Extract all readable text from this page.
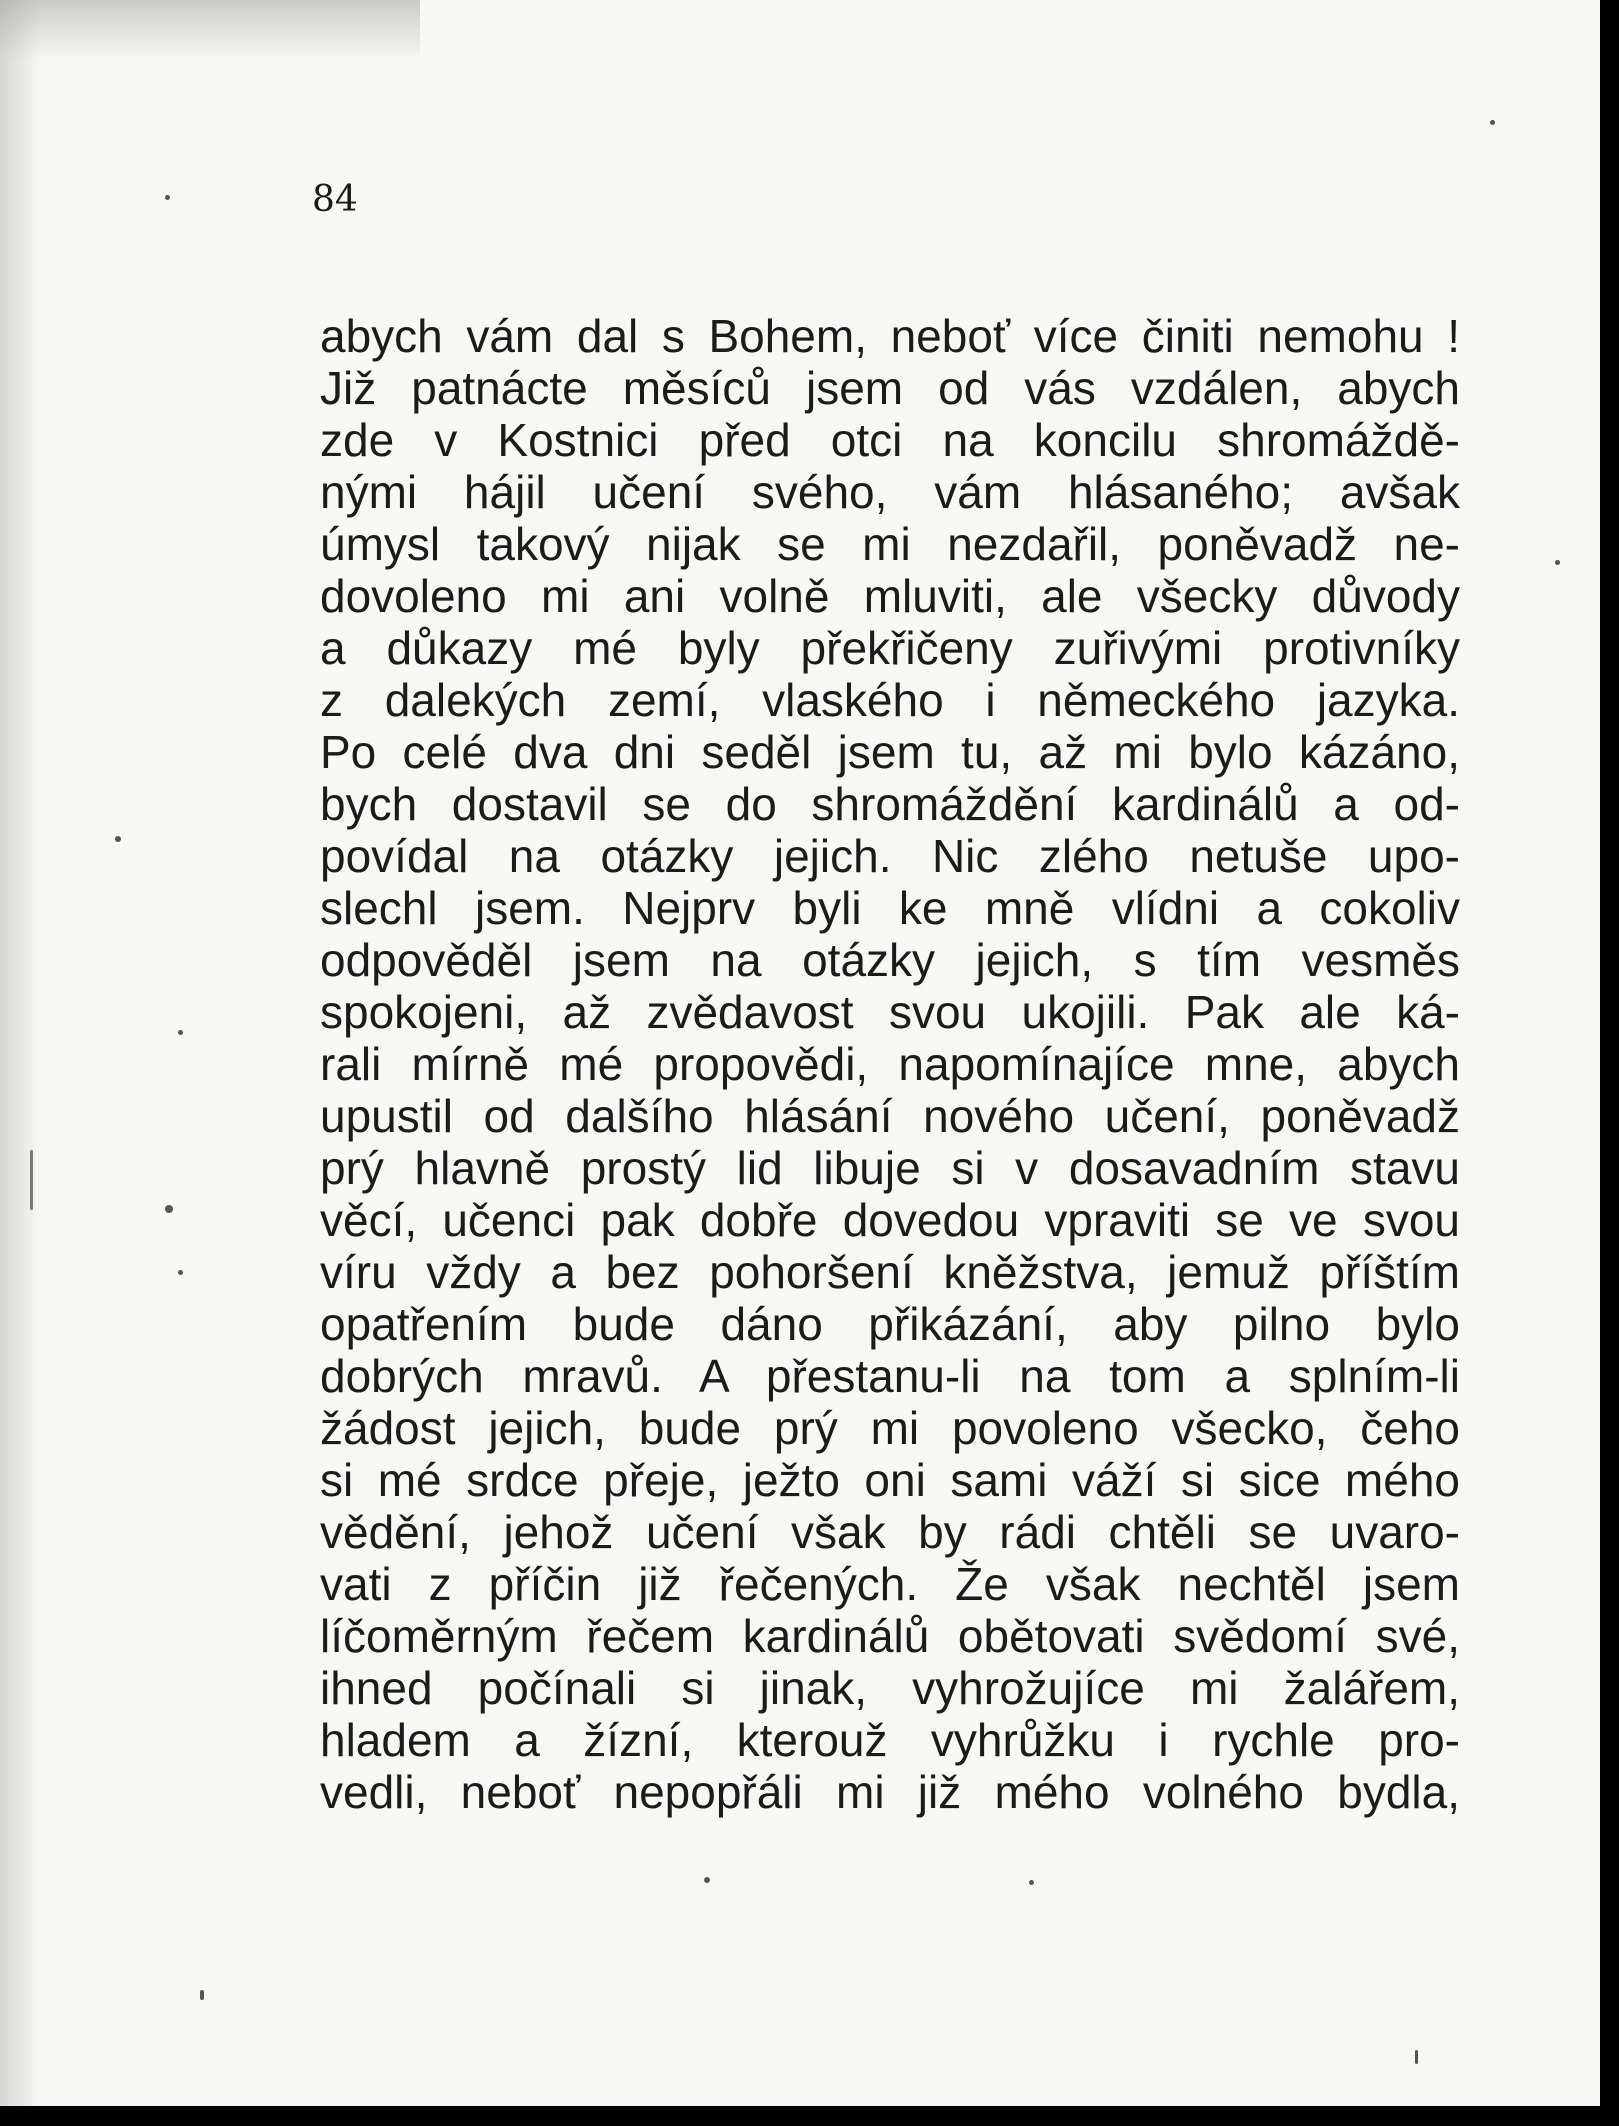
84
abych vám dal s Bohem, neboť více činiti nemohu !
Již patnácte měsíců jsem od vás vzdálen, abych
zde v Kostnici před otci na koncilu shromáždě-
nými hájil učení svého, vám hlásaného; avšak
úmysl takový nijak se mi nezdařil, poněvadž ne-
dovoleno mi ani volně mluviti, ale všecky důvody
a důkazy mé byly překřičeny zuřivými protivníky
z dalekých zemí, vlaského i německého jazyka.
Po celé dva dni seděl jsem tu, až mi bylo kázáno,
bych dostavil se do shromáždění kardinálů a od-
povídal na otázky jejich. Nic zlého netuše upo-
slechl jsem. Nejprv byli ke mně vlídni a cokoliv
odpověděl jsem na otázky jejich, s tím vesměs
spokojeni, až zvědavost svou ukojili. Pak ale ká-
rali mírně mé propovědi, napomínajíce mne, abych
upustil od dalšího hlásání nového učení, poněvadž
prý hlavně prostý lid libuje si v dosavadním stavu
věcí, učenci pak dobře dovedou vpraviti se ve svou
víru vždy a bez pohoršení kněžstva, jemuž příštím
opatřením bude dáno přikázání, aby pilno bylo
dobrých mravů. A přestanu-li na tom a splním-li
žádost jejich, bude prý mi povoleno všecko, čeho
si mé srdce přeje, ježto oni sami váží si sice mého
vědění, jehož učení však by rádi chtěli se uvaro-
vati z příčin již řečených. Že však nechtěl jsem
líčoměrným řečem kardinálů obětovati svědomí své,
ihned počínali si jinak, vyhrožujíce mi žalářem,
hladem a žízní, kterouž vyhrůžku i rychle pro-
vedli, neboť nepopřáli mi již mého volného bydla,
